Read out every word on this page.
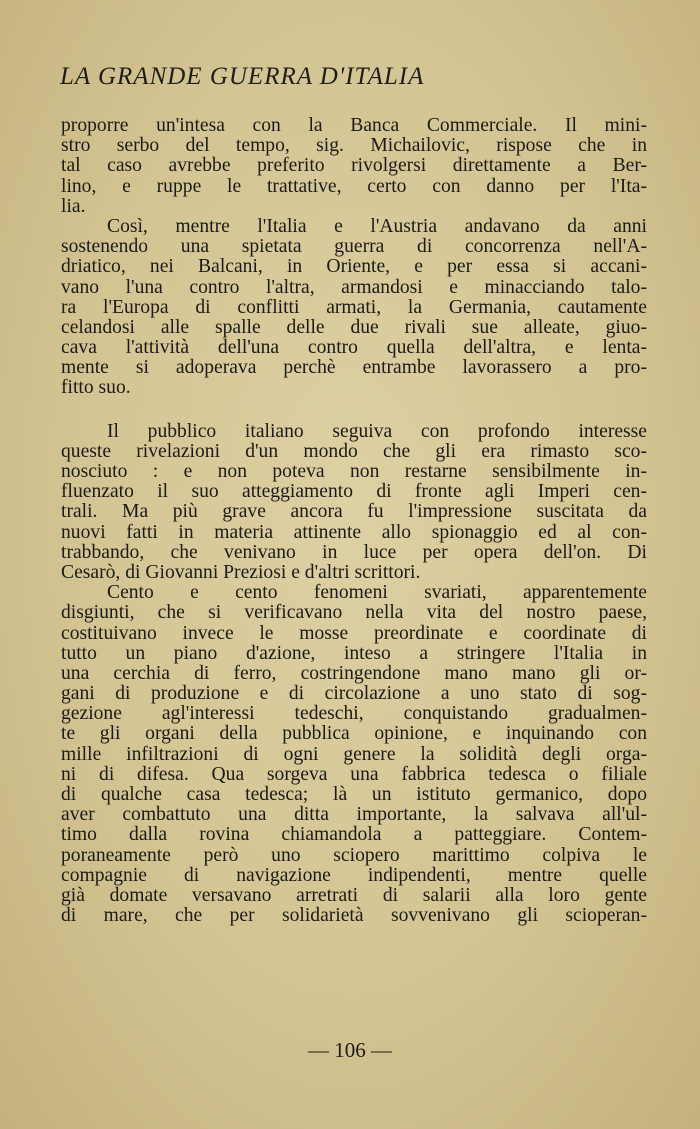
LA GRANDE GUERRA D'ITALIA
proporre un'intesa con la Banca Commerciale. Il mini-
stro serbo del tempo, sig. Michailovic, rispose che in
tal caso avrebbe preferito rivolgersi direttamente a Ber-
lino, e ruppe le trattative, certo con danno per l'Ita-
lia.
Così, mentre l'Italia e l'Austria andavano da anni
sostenendo una spietata guerra di concorrenza nell'A-
driatico, nei Balcani, in Oriente, e per essa si accani-
vano l'una contro l'altra, armandosi e minacciando talo-
ra l'Europa di conflitti armati, la Germania, cautamente
celandosi alle spalle delle due rivali sue alleate, giuo-
cava l'attività dell'una contro quella dell'altra, e lenta-
mente si adoperava perchè entrambe lavorassero a pro-
fitto suo.
Il pubblico italiano seguiva con profondo interesse
queste rivelazioni d'un mondo che gli era rimasto sco-
nosciuto : e non poteva non restarne sensibilmente in-
fluenzato il suo atteggiamento di fronte agli Imperi cen-
trali. Ma più grave ancora fu l'impressione suscitata da
nuovi fatti in materia attinente allo spionaggio ed al con-
trabbando, che venivano in luce per opera dell'on. Di
Cesarò, di Giovanni Preziosi e d'altri scrittori.
Cento e cento fenomeni svariati, apparentemente
disgiunti, che si verificavano nella vita del nostro paese,
costituivano invece le mosse preordinate e coordinate di
tutto un piano d'azione, inteso a stringere l'Italia in
una cerchia di ferro, costringendone mano mano gli or-
gani di produzione e di circolazione a uno stato di sog-
gezione agl'interessi tedeschi, conquistando gradualmen-
te gli organi della pubblica opinione, e inquinando con
mille infiltrazioni di ogni genere la solidità degli orga-
ni di difesa. Qua sorgeva una fabbrica tedesca o filiale
di qualche casa tedesca; là un istituto germanico, dopo
aver combattuto una ditta importante, la salvava all'ul-
timo dalla rovina chiamandola a patteggiare. Contem-
poraneamente però uno sciopero marittimo colpiva le
compagnie di navigazione indipendenti, mentre quelle
già domate versavano arretrati di salarii alla loro gente
di mare, che per solidarietà sovvenivano gli scioperan-
— 106 —
